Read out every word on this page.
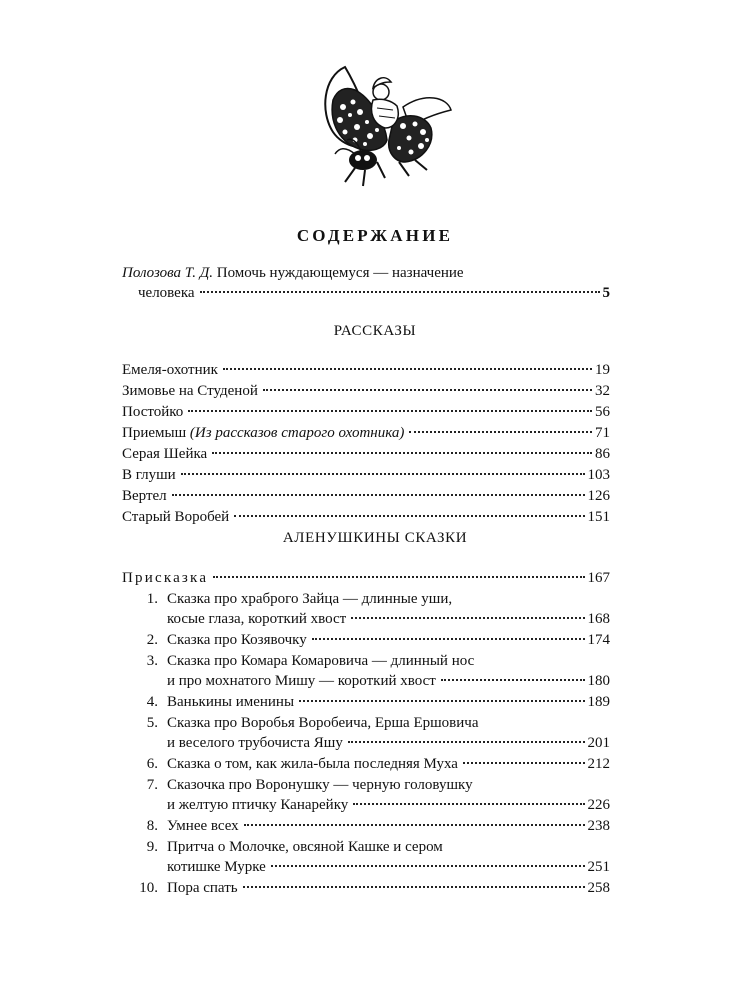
СОДЕРЖАНИЕ
Полозова Т. Д. Помочь нуждающемуся — назначение
человека	5
РАССКАЗЫ
Емеля-охотник	19
Зимовье на Студеной	32
Постойко	56
Приемыш (Из рассказов старого охотника)	71
Серая Шейка	86
В глуши	103
Вертел	126
Старый Воробей	151
АЛЕНУШКИНЫ СКАЗКИ
Присказка	167
1. Сказка про храброго Зайца — длинные уши,
косые глаза, короткий хвост	168
2. Сказка про Козявочку	174
3. Сказка про Комара Комаровича — длинный нос
и про мохнатого Мишу — короткий хвост	180
4. Ванькины именины	189
5. Сказка про Воробья Воробеича, Ерша Ершовича
и веселого трубочиста Яшу	201
6. Сказка о том, как жила-была последняя Муха	212
7. Сказочка про Воронушку — черную головушку
и желтую птичку Канарейку	226
8. Умнее всех	238
9. Притча о Молочке, овсяной Кашке и сером
котишке Мурке	251
10. Пора спать	258
